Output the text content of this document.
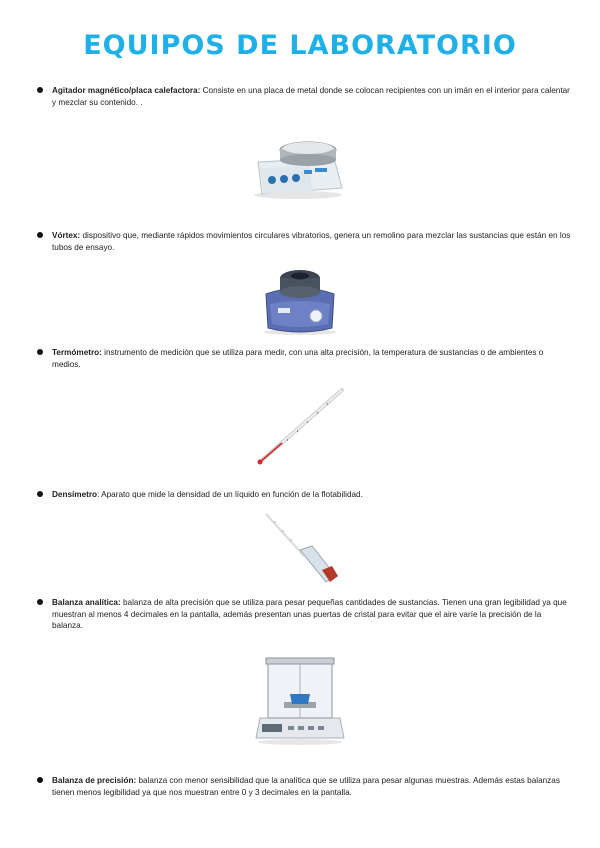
EQUIPOS DE LABORATORIO
Agitador magnético/placa calefactora: Consiste en una placa de metal donde se colocan recipientes con un imán en el interior para calentar y mezclar su contenido. .
Vórtex: dispositivo que, mediante rápidos movimientos circulares vibratorios, genera un remolino para mezclar las sustancias que están en los tubos de ensayo.
Termómetro: instrumento de medición que se utiliza para medir, con una alta precisión, la temperatura de sustancias o de ambientes o medios.
Densímetro: Aparato que mide la densidad de un líquido en función de la flotabilidad.
Balanza analítica: balanza de alta precisión que se utiliza para pesar pequeñas cantidades de sustancias. Tienen una gran legibilidad ya que muestran al menos 4 decimales en la pantalla, además presentan unas puertas de cristal para evitar que el aire varíe la precisión de la balanza.
Balanza de precisión: balanza con menor sensibilidad que la analítica que se utiliza para pesar algunas muestras. Además estas balanzas tienen menos legibilidad ya que nos muestran entre 0 y 3 decimales en la pantalla.
